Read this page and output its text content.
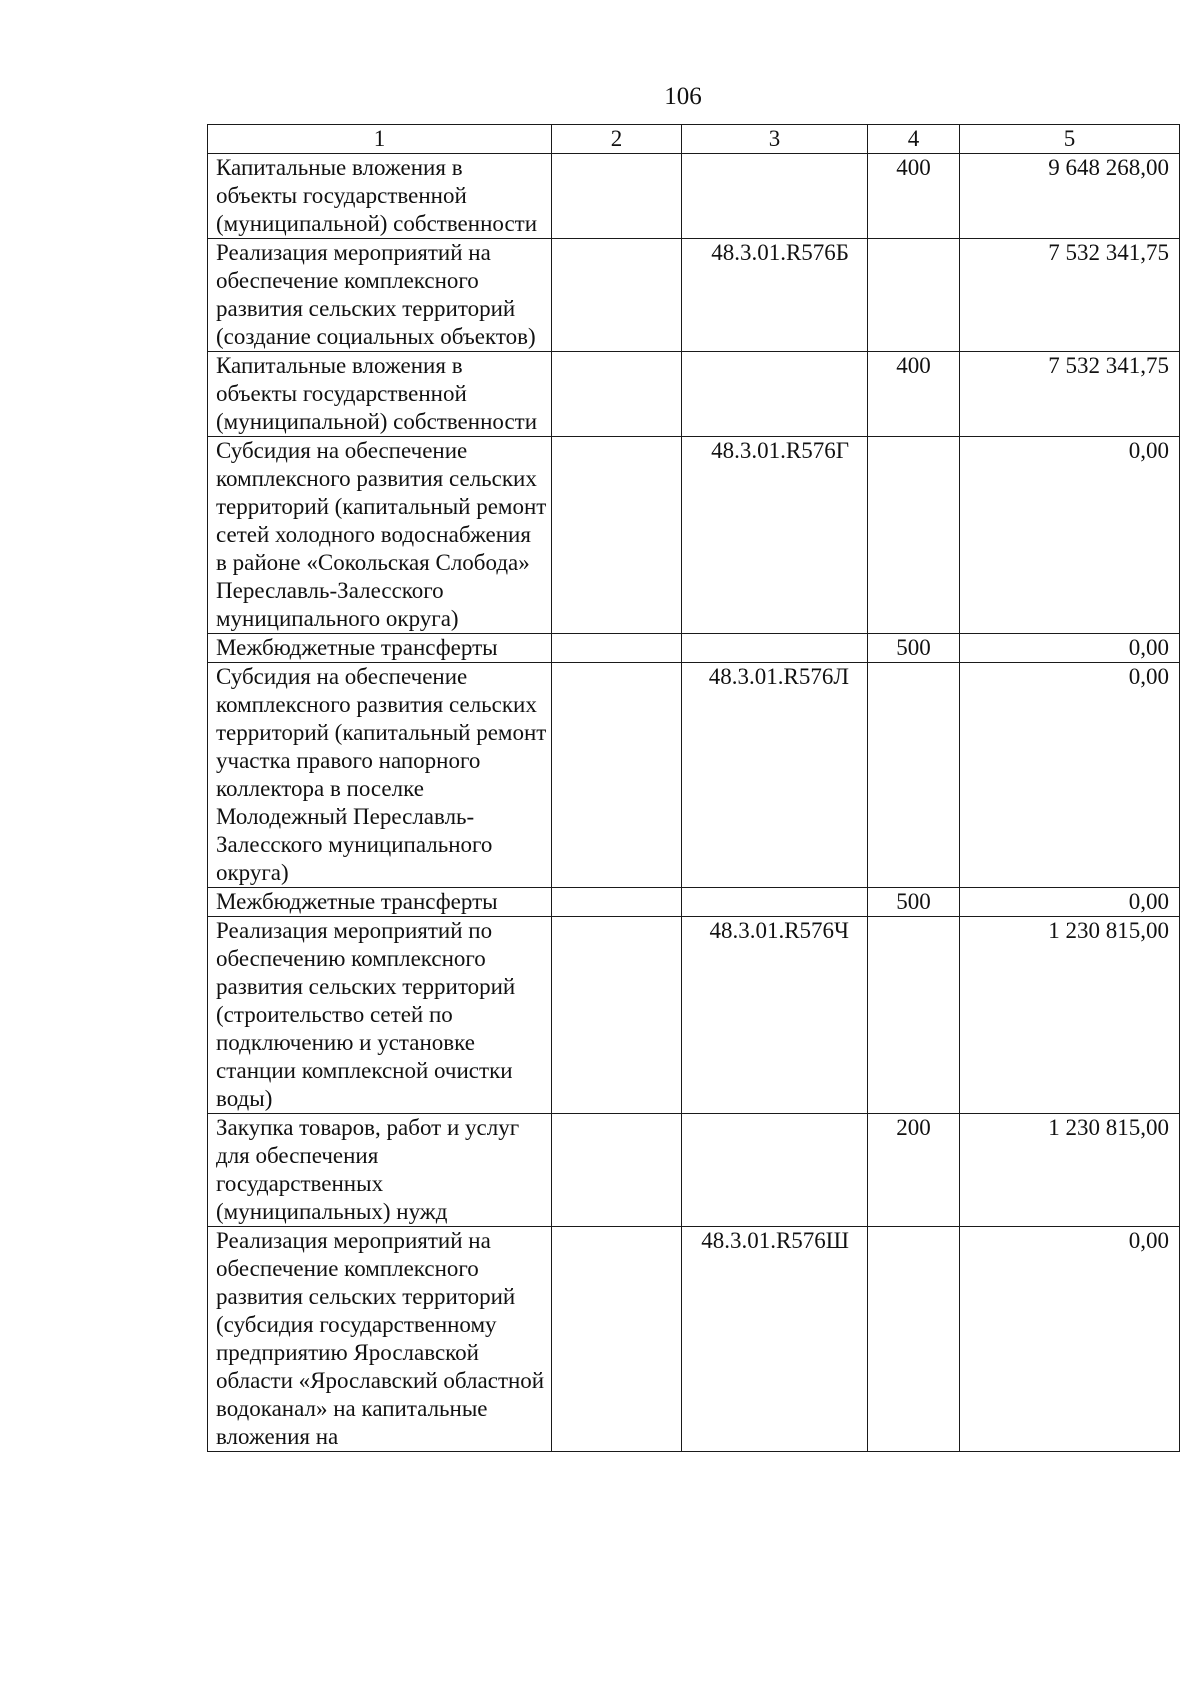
106
1	2	3	4	5
Капитальные вложения в объекты государственной (муниципальной) собственности			400	9 648 268,00
Реализация мероприятий на обеспечение комплексного развития сельских территорий (создание социальных объектов)		48.3.01.R576Б		7 532 341,75
Капитальные вложения в объекты государственной (муниципальной) собственности			400	7 532 341,75
Субсидия на обеспечение комплексного развития сельских территорий (капитальный ремонт сетей холодного водоснабжения в районе «Сокольская Слобода» Переславль-Залесского муниципального округа)		48.3.01.R576Г		0,00
Межбюджетные трансферты			500	0,00
Субсидия на обеспечение комплексного развития сельских территорий (капитальный ремонт участка правого напорного коллектора в поселке Молодежный Переславль-Залесского муниципального округа)		48.3.01.R576Л		0,00
Межбюджетные трансферты			500	0,00
Реализация мероприятий по обеспечению комплексного развития сельских территорий (строительство сетей по подключению и установке станции комплексной очистки воды)		48.3.01.R576Ч		1 230 815,00
Закупка товаров, работ и услуг для обеспечения государственных (муниципальных) нужд			200	1 230 815,00
Реализация мероприятий на обеспечение комплексного развития сельских территорий (субсидия государственному предприятию Ярославской области «Ярославский областной водоканал» на капитальные вложения на		48.3.01.R576Ш		0,00
